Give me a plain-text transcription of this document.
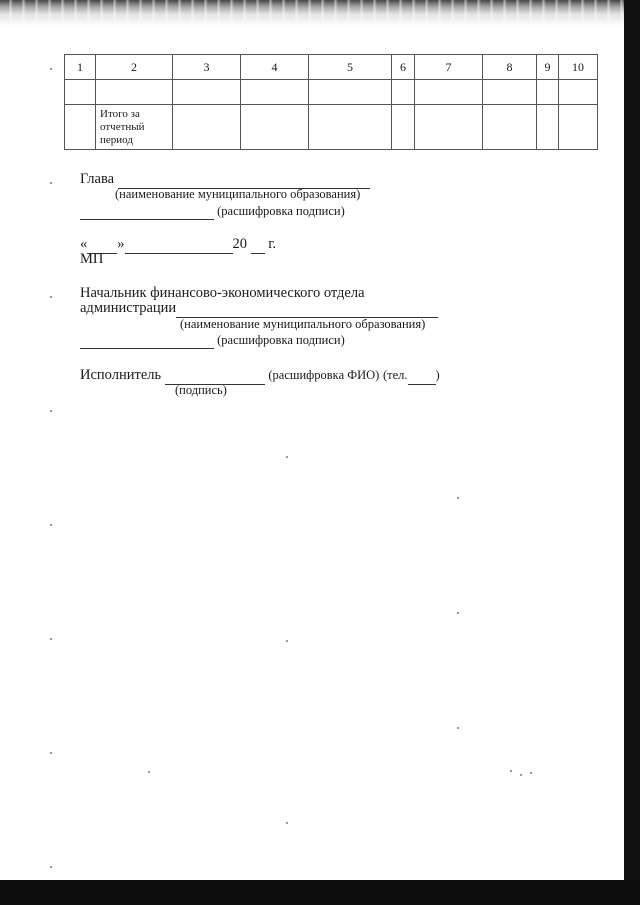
1	2	3	4	5	6	7	8	9	10

	Итого за отчетный период								

Глава
(наименование муниципального образования)
(расшифровка подписи)
« »	20 г.
МП
Начальник финансово-экономического отдела
администрации
(наименование муниципального образования)
(расшифровка подписи)
Исполнитель	(расшифровка ФИО) (тел. )
(подпись)
